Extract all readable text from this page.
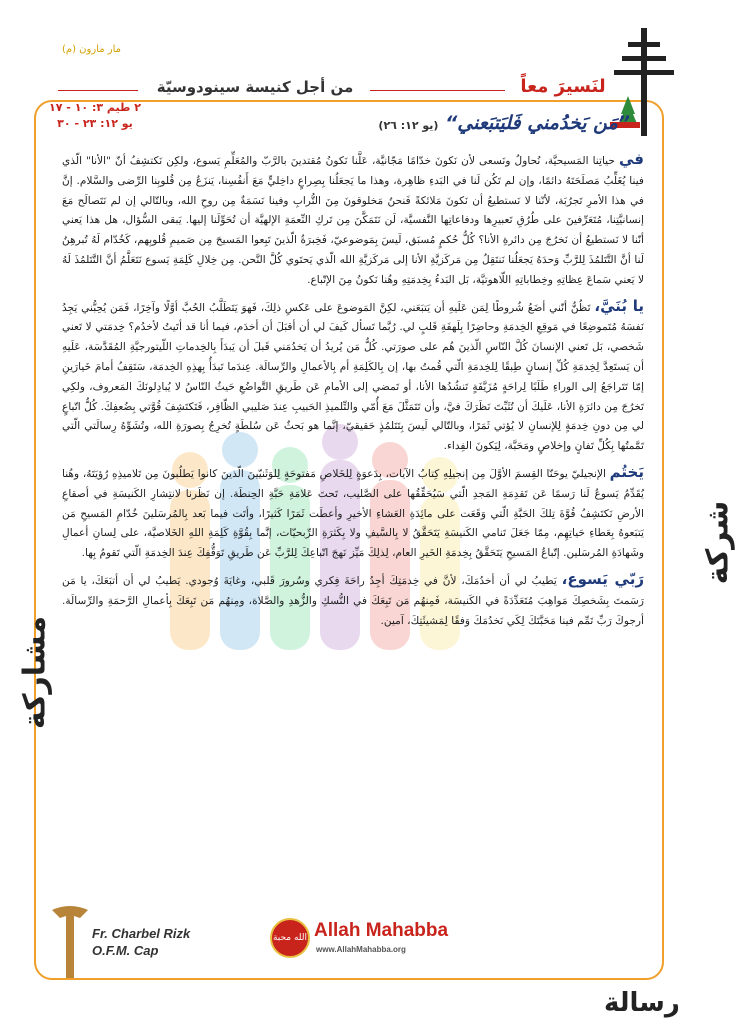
مار مارون (م)
لنَسيرَ معاً
من أجل كنيسة سينودوسيّة
٢ طيم ٣: ١٠ - ١٧
يو ١٢: ٢٣ - ٣٠	”مَن يَخدُمني فَليَتبَعني“ (يو ١٢: ٢٦)

في حياتِنا المَسيحيَّة، نُحاولُ ونَسعى لأن نَكونَ خدّامًا مَجّانيَّة، عَلَّنا نَكونُ مُقتدينَ بالرَّبّ والمُعَلِّمِ يَسوع، ولكِن نَكتشِفُ أنّ "الأنا" الّذي فينا يُغَلِّبُ مَصلَحَتَهُ دائمًا، وإن لم تَكُن لَنا في البَدءِ ظاهِرة، وهذا ما يَجعَلُنا بِصِراعٍ داخِليٍّ مَعَ أَنفُسِنا، يَنزَعُ مِن قُلوبِنا الرِّضى والسَّلام. إنَّ في هذا الأمرِ تَجرُبَة، لأنّنا لا نَستطيعُ أن نَكونَ مَلائكةً فَنحنُ مَخلوقونَ مِنَ التُّرابِ وفينا نَسَمَةٌ مِن روحِ الله، وبالتّالي إن لم نَتَصالَح مَعَ إنسانيَّتِنا، مُتَعَرِّفينَ على طُرُقِ تَعبيرِها ودفاعاتِها النَّفسيَّة، لَن نَتَمَكَّنَ مِن تَركِ النِّعمَةِ الإلهيَّة أن تُحَوِّلَنا إليها. يَبقى السُّؤال، هل هذا يَعني أنّنا لا نَستطيعُ أن نَخرُجَ مِن دائرةِ الأنا؟ كُلُّ حُكمٍ مُسبَق، لَيسَ بِمَوضوعيّ، فَخِبرَةُ الّذينَ تَبِعوا المَسيحَ مِن صَميمِ قُلوبِهم، كَخُدّام لَهُ تُبرهِنُ لَنا أنَّ التَّتَلمُذَ لِلرَّبِّ وَحدَهُ يَجعَلُنا نَنتَقِلُ مِن مَركَزيَّةِ الأنا إلى مَركَزيَّةِ الله الّذي يَحتَوي كُلَّ النَّحن. مِن خِلالِ كَلِمَةِ يَسوع نَتَعَلَّمُ أنَّ التَّتَلمُذَ لَهُ لا يَعني سَماعَ عِظاتِهِ وخِطاباتِهِ اللّاهوتيَّة، بَل البَدءُ بِخِدمَتِهِ وهُنا نَكونُ مِنَ الإتّباع.

يا بُنَيَّ، تَظُنُّ أنّني أضَعُ شُروطًا لِمَن عَلَيهِ أن يَتبَعَني، لكِنَّ المَوضوعَ على عَكسِ ذلِكَ، فَهوَ يَتَطَلَّبُ الحُبَّ أوَّلًا وآخِرًا، فَمَن يُحِبُّني يَجِدُ نَفسَهُ مُتَموضِعًا في مَوقِعِ الخِدمَةِ وحاضِرًا بِلَهفَةِ قَلبٍ لي. رُبَّما تَسأل كَيفَ لي أن أقبَلَ أن أخدَم، فيما أنا قد أتَيتُ لأخدُم؟ خِدمَتي لا تَعني شَخصي، بَل تَعني الإنسانَ كُلَّ النّاسِ الّذينَ هُم على صورَتي. كُلُّ مَن يُريدُ أن يَخدُمَني قَبلَ أن يَبدَأَ بِالخِدماتِ اللّيتورجيَّةِ المُقَدَّسَة، عَلَيهِ أن يَستَعِدَّ لِخِدمَةِ كُلِّ إنسانٍ طِبقًا لِلخِدمَةِ الّتي قُمتُ بها، إن بِالكَلِمَةِ أم بِالأعمالِ والرِّسالَة. عِندَما تَبدَأُ بِهذِهِ الخِدمَة، سَتَقِفُ أمامَ خَيارَينِ إمّا تَتَراجَعُ إلى الوراءِ طَلَبًا لِراحَةٍ مُزَيَّفَةٍ تَنشُدُها الأنا، أو تَمضي إلى الأمامِ عَن طَريقِ التَّواضُعِ حَيثُ النّاسُ لا يُبادِلونَكَ المَعروف، ولكِي تَخرُجَ مِن دائرَةِ الأنا، عَلَيكَ أن تُثَبِّتَ نَظَرَكَ فيَّ، وأن تَتَمَثَّلَ مَعَ أُمّي والتِّلميذِ الحَبيبِ عِندَ صَليبي الظّافِر، فَتَكتَشِفَ قُوَّتي بِضُعفِكَ. كُلُّ اتّباعٍ لي مِن دونِ خِدمَةٍ لِلإنسانِ لا يُؤتي ثَمَرًا، وبالتّالي لَيسَ بِتَتَلمُذٍ حَقيقيّ، إنَّما هو بَحثٌ عَن سُلطَةٍ تُخرِجُ بِصورَةِ الله، وتُشَوِّهُ رِسالَتي الّتي تَمَّمتُها بِكُلِّ تَفانٍ وإخلاصٍ ومَحَبَّة، لِيَكونَ الفِداء.

يَختُم الإنجيليّ يوحَنّا القِسمَ الأوَّلَ مِن إنجيلِهِ كِتابُ الآيات، بِدَعوَةٍ لِلخَلاصِ مَفتوحَةٍ لِلوَثَنيّينَ الّذينَ كانوا يَطلُبونَ مِن تَلاميذِهِ رُؤيَتَهُ، وهُنا يُقَدِّمُ يَسوعُ لَنا رَسمًا عَن تَقدِمَةِ المَجدِ الّتي سَيُحَقِّقُها على الصَّليب، تَحتَ عَلامَةِ حَبَّةِ الحِنطَة. إن نَظَرنا لانتِشارِ الكَنيسَةِ في أصقاعِ الأرضِ نَكتَشِفُ قُوَّةَ تِلكَ الحَبَّةِ الّتي وَقَعَت على مائِدَةِ العَشاءِ الأخيرِ وأعطَت ثَمَرًا كَثيرًا، وأتَت فيما بَعد بِالمُرسَلينَ خُدّامِ المَسيحِ مَن يَتبَعوهُ بِعَطاءِ حَياتِهِم، مِمّا جَعَلَ تَنامي الكَنيسَةِ يَتَحَقَّقُ لا بِالسَّيفِ ولا بِكَثرَةِ الرِّبحيّات، إنَّما بِقُوَّةِ كَلِمَةِ اللهِ الخَلاصيَّة، على لِسانِ أعمالِ وشَهادَةِ المُرسَلين. إتّباعُ المَسيحِ يَتَحَقَّقُ بِخِدمَةِ الخَيرِ العام، لِذلِكَ مَيِّز نَهجَ اتّباعِكَ لِلرَّبِّ عَن طَريقِ تَوَقُّفِكَ عِندَ الخِدمَةِ الّتي تَقومُ بِها.

رَبّي يَسوع، يَطيبُ لي أن أخدُمَكَ، لأنَّ في خِدمَتِكَ أجِدُ راحَةَ فِكري وسُرورَ قَلبي، وغايَةَ وُجودي. يَطيبُ لي أن أتبَعَكَ، يا مَن رَسَمتَ بِشَخصِكَ مَواهِبَ مُتَعَدِّدَةً في الكَنيسَة، فَمِنهُم مَن تَبِعَكَ في النُّسكِ والزُّهدِ والصَّلاة، ومِنهُم مَن تَبِعَكَ بِأعمالِ الرَّحمَةِ والرِّسالَة. أرجوكَ رَبِّ تَمِّم فينا مَحَبَّتَكَ لِكَي نَخدُمَكَ وَفقًا لِمَشيئَتِكَ، آمين.

شركة
مشاركة
رسالة
Fr. Charbel Rizk
O.F.M. Cap
الله محبة Allah Mahabba
www.AllahMahabba.org
